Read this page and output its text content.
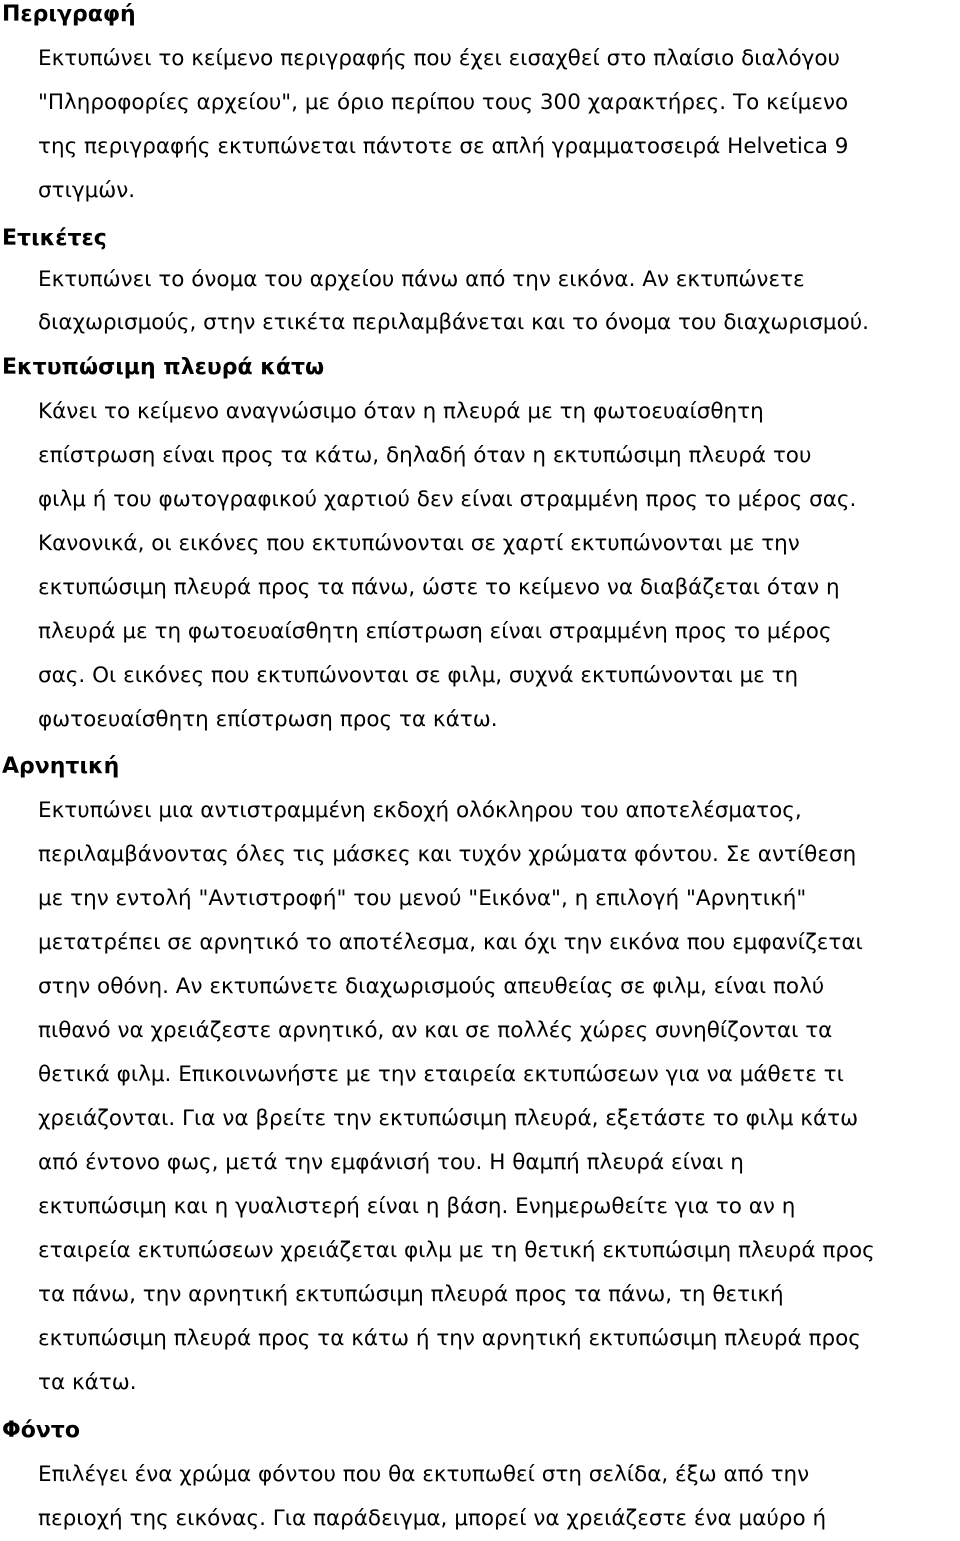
Περιγραφή
Εκτυπώνει το κείμενο περιγραφής που έχει εισαχθεί στο πλαίσιο διαλόγου
"Πληροφορίες αρχείου", με όριο περίπου τους 300 χαρακτήρες. Το κείμενο
της περιγραφής εκτυπώνεται πάντοτε σε απλή γραμματοσειρά Helvetica 9
στιγμών.
Ετικέτες
Εκτυπώνει το όνομα του αρχείου πάνω από την εικόνα. Αν εκτυπώνετε
διαχωρισμούς, στην ετικέτα περιλαμβάνεται και το όνομα του διαχωρισμού.
Εκτυπώσιμη πλευρά κάτω
Κάνει το κείμενο αναγνώσιμο όταν η πλευρά με τη φωτοευαίσθητη
επίστρωση είναι προς τα κάτω, δηλαδή όταν η εκτυπώσιμη πλευρά του
φιλμ ή του φωτογραφικού χαρτιού δεν είναι στραμμένη προς το μέρος σας.
Κανονικά, οι εικόνες που εκτυπώνονται σε χαρτί εκτυπώνονται με την
εκτυπώσιμη πλευρά προς τα πάνω, ώστε το κείμενο να διαβάζεται όταν η
πλευρά με τη φωτοευαίσθητη επίστρωση είναι στραμμένη προς το μέρος
σας. Οι εικόνες που εκτυπώνονται σε φιλμ, συχνά εκτυπώνονται με τη
φωτοευαίσθητη επίστρωση προς τα κάτω.
Αρνητική
Εκτυπώνει μια αντιστραμμένη εκδοχή ολόκληρου του αποτελέσματος,
περιλαμβάνοντας όλες τις μάσκες και τυχόν χρώματα φόντου. Σε αντίθεση
με την εντολή "Αντιστροφή" του μενού "Εικόνα", η επιλογή "Αρνητική"
μετατρέπει σε αρνητικό το αποτέλεσμα, και όχι την εικόνα που εμφανίζεται
στην οθόνη. Αν εκτυπώνετε διαχωρισμούς απευθείας σε φιλμ, είναι πολύ
πιθανό να χρειάζεστε αρνητικό, αν και σε πολλές χώρες συνηθίζονται τα
θετικά φιλμ. Επικοινωνήστε με την εταιρεία εκτυπώσεων για να μάθετε τι
χρειάζονται. Για να βρείτε την εκτυπώσιμη πλευρά, εξετάστε το φιλμ κάτω
από έντονο φως, μετά την εμφάνισή του. Η θαμπή πλευρά είναι η
εκτυπώσιμη και η γυαλιστερή είναι η βάση. Ενημερωθείτε για το αν η
εταιρεία εκτυπώσεων χρειάζεται φιλμ με τη θετική εκτυπώσιμη πλευρά προς
τα πάνω, την αρνητική εκτυπώσιμη πλευρά προς τα πάνω, τη θετική
εκτυπώσιμη πλευρά προς τα κάτω ή την αρνητική εκτυπώσιμη πλευρά προς
τα κάτω.
Φόντο
Επιλέγει ένα χρώμα φόντου που θα εκτυπωθεί στη σελίδα, έξω από την
περιοχή της εικόνας. Για παράδειγμα, μπορεί να χρειάζεστε ένα μαύρο ή
